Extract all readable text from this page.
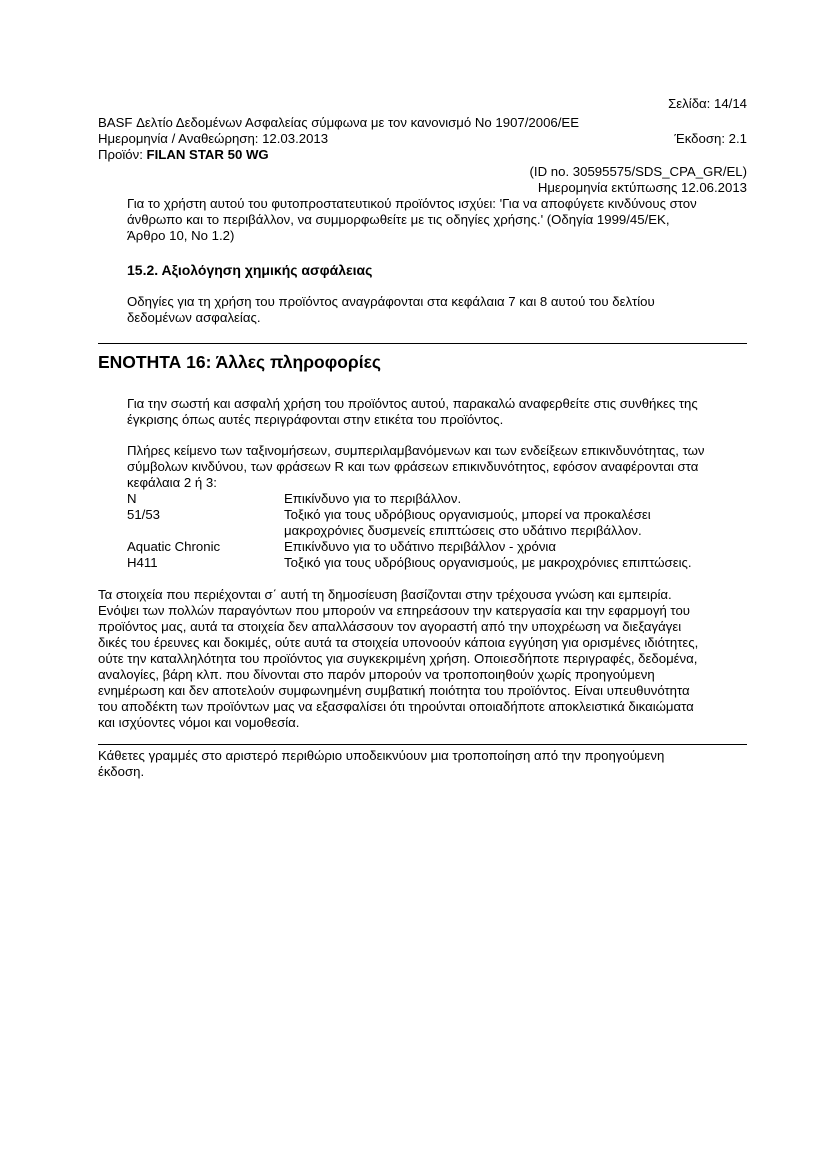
Σελίδα: 14/14
BASF Δελτίο Δεδομένων Ασφαλείας σύμφωνα με τον κανονισμό Νο 1907/2006/ΕΕ
Ημερομηνία / Αναθεώρηση: 12.03.2013	Έκδοση: 2.1
Προϊόν: FILAN STAR 50 WG
(ID no. 30595575/SDS_CPA_GR/EL)
Ημερομηνία εκτύπωσης 12.06.2013

Για το χρήστη αυτού του φυτοπροστατευτικού προϊόντος ισχύει: 'Για να αποφύγετε κινδύνους στον

άνθρωπο και το περιβάλλον, να συμμορφωθείτε με τις οδηγίες χρήσης.' (Οδηγία 1999/45/ΕΚ,

Άρθρο 10, Νο 1.2)

15.2. Αξιολόγηση χημικής ασφάλειας

Οδηγίες για τη χρήση του προϊόντος αναγράφονται στα κεφάλαια 7 και 8 αυτού του δελτίου

δεδομένων ασφαλείας.

ΕΝΟΤΗΤΑ 16: Άλλες πληροφορίες

Για την σωστή και ασφαλή χρήση του προϊόντος αυτού, παρακαλώ αναφερθείτε στις συνθήκες της

έγκρισης όπως αυτές περιγράφονται στην ετικέτα του προϊόντος.

Πλήρες κείμενο των ταξινομήσεων, συμπεριλαμβανόμενων και των ενδείξεων επικινδυνότητας, των

σύμβολων κινδύνου, των φράσεων R και των φράσεων επικινδυνότητος, εφόσον αναφέρονται στα

κεφάλαια 2 ή 3:

N	Επικίνδυνο για το περιβάλλον.
51/53	Τοξικό για τους υδρόβιους οργανισμούς, μπορεί να προκαλέσει
μακροχρόνιες δυσμενείς επιπτώσεις στο υδάτινο περιβάλλον.
Aquatic Chronic	Επικίνδυνο για το υδάτινο περιβάλλον - χρόνια
H411	Τοξικό για τους υδρόβιους οργανισμούς, με μακροχρόνιες επιπτώσεις.

Τα στοιχεία που περιέχονται σ΄ αυτή τη δημοσίευση βασίζονται στην τρέχουσα γνώση και εμπειρία.

Ενόψει των πολλών παραγόντων που μπορούν να επηρεάσουν την κατεργασία και την εφαρμογή του

προϊόντος μας, αυτά τα στοιχεία δεν απαλλάσσουν τον αγοραστή από την υποχρέωση να διεξαγάγει

δικές του έρευνες και δοκιμές, ούτε αυτά τα στοιχεία υπονοούν κάποια εγγύηση για ορισμένες ιδιότητες,

ούτε την καταλληλότητα του προϊόντος για συγκεκριμένη χρήση. Οποιεσδήποτε περιγραφές, δεδομένα,

αναλογίες, βάρη κλπ. που δίνονται στο παρόν μπορούν να τροποποιηθούν χωρίς προηγούμενη

ενημέρωση και δεν αποτελούν συμφωνημένη συμβατική ποιότητα του προϊόντος. Είναι υπευθυνότητα

του αποδέκτη των προϊόντων μας να εξασφαλίσει ότι τηρούνται οποιαδήποτε αποκλειστικά δικαιώματα

και ισχύοντες νόμοι και νομοθεσία.

Κάθετες γραμμές στο αριστερό περιθώριο υποδεικνύουν μια τροποποίηση από την προηγούμενη

έκδοση.
